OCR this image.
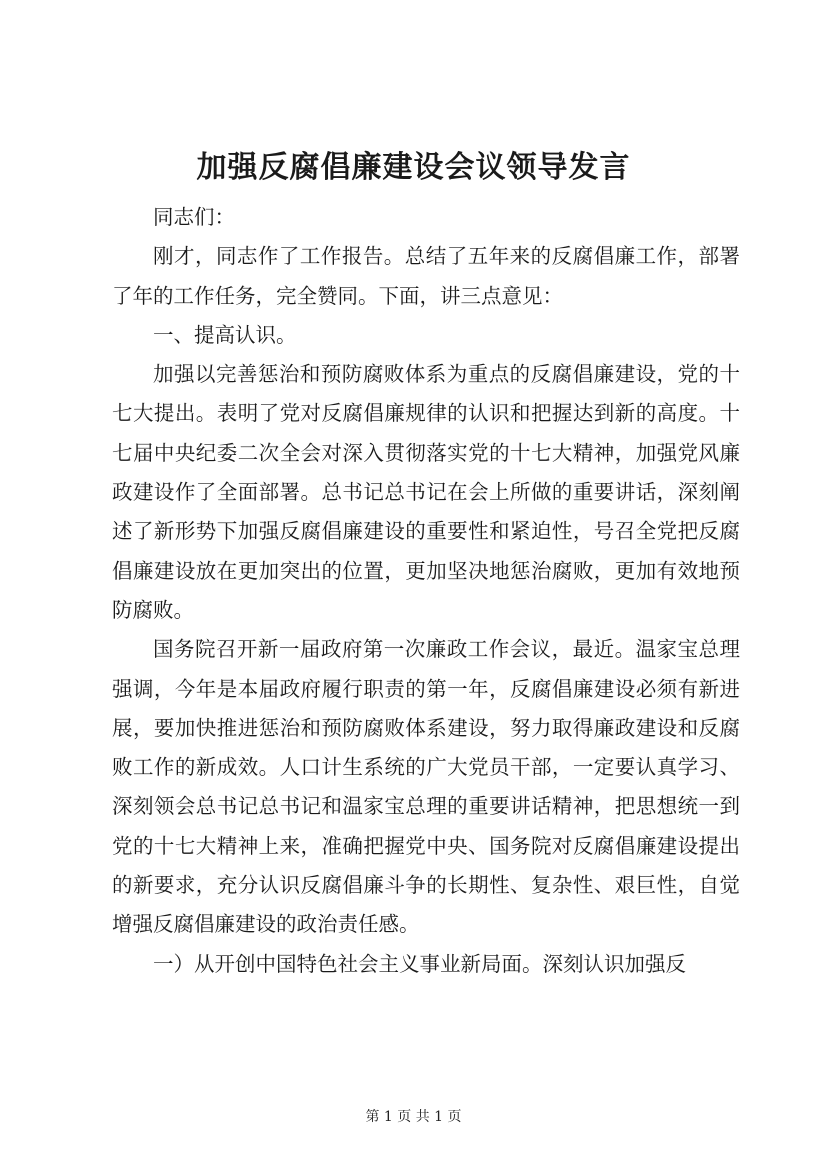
加强反腐倡廉建设会议领导发言

同志们：

刚才，同志作了工作报告。总结了五年来的反腐倡廉工作，部署了年的工作任务，完全赞同。下面，讲三点意见：

一、提高认识。

加强以完善惩治和预防腐败体系为重点的反腐倡廉建设，党的十七大提出。表明了党对反腐倡廉规律的认识和把握达到新的高度。十七届中央纪委二次全会对深入贯彻落实党的十七大精神，加强党风廉政建设作了全面部署。总书记总书记在会上所做的重要讲话，深刻阐述了新形势下加强反腐倡廉建设的重要性和紧迫性，号召全党把反腐倡廉建设放在更加突出的位置，更加坚决地惩治腐败，更加有效地预防腐败。

国务院召开新一届政府第一次廉政工作会议，最近。温家宝总理强调，今年是本届政府履行职责的第一年，反腐倡廉建设必须有新进展，要加快推进惩治和预防腐败体系建设，努力取得廉政建设和反腐败工作的新成效。人口计生系统的广大党员干部，一定要认真学习、深刻领会总书记总书记和温家宝总理的重要讲话精神，把思想统一到党的十七大精神上来，准确把握党中央、国务院对反腐倡廉建设提出的新要求，充分认识反腐倡廉斗争的长期性、复杂性、艰巨性，自觉增强反腐倡廉建设的政治责任感。

一）从开创中国特色社会主义事业新局面。深刻认识加强反

第 1 页 共 1 页
